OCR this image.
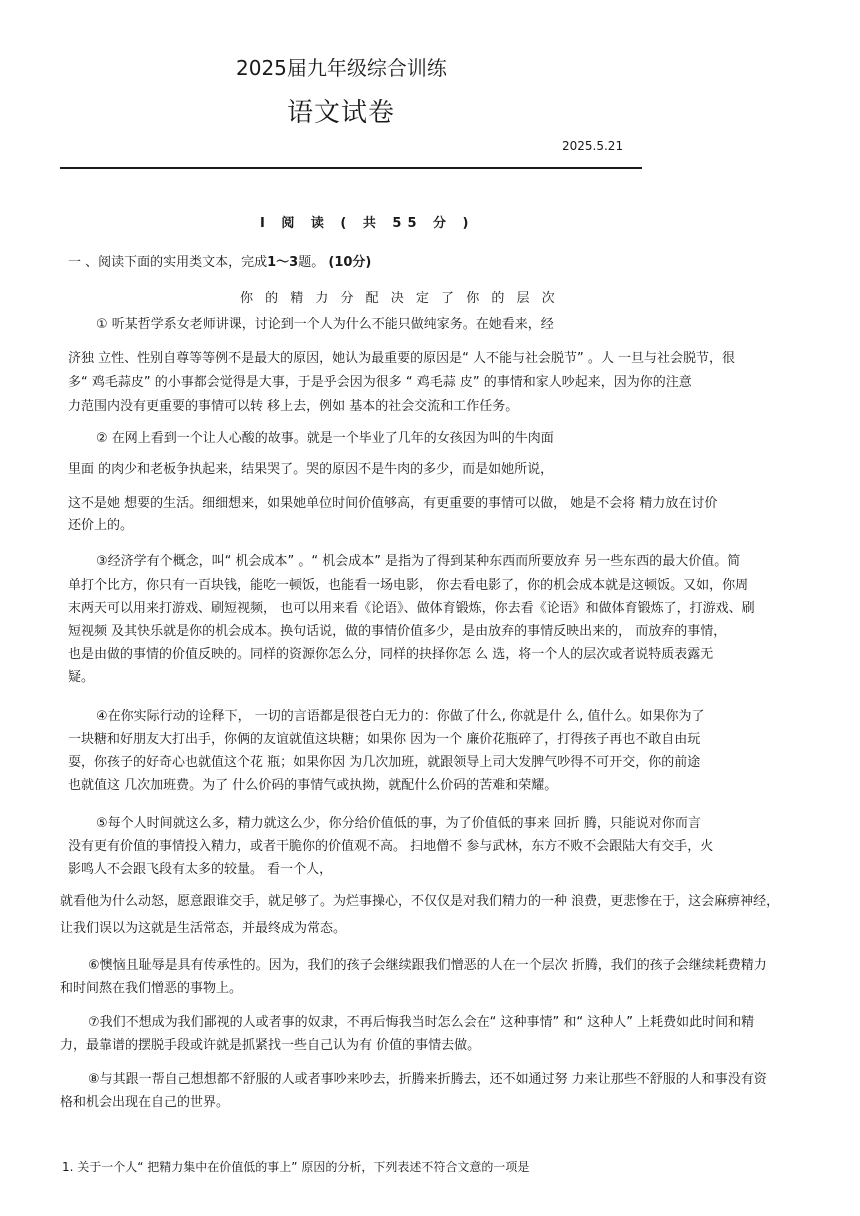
2025届九年级综合训练
语文试卷
2025.5.21
I 阅 读 ( 共 55 分 )
一 、阅读下面的实用类文本，完成1～3题。 (10分)
你 的 精 力 分 配 决 定 了 你 的 层 次
① 听某哲学系女老师讲课，讨论到一个人为什么不能只做纯家务。在她看来，经
济独 立性、性别自尊等等例不是最大的原因，她认为最重要的原因是“ 人不能与社会脱节” 。人 一旦与社会脱节，很
多“ 鸡毛蒜皮” 的小事都会觉得是大事，于是乎会因为很多 “ 鸡毛蒜 皮” 的事情和家人吵起来，因为你的注意
力范围内没有更重要的事情可以转 移上去，例如 基本的社会交流和工作任务。
② 在网上看到一个让人心酸的故事。就是一个毕业了几年的女孩因为叫的牛肉面
里面 的肉少和老板争执起来，结果哭了。哭的原因不是牛肉的多少，而是如她所说，
这不是她 想要的生活。细细想来，如果她单位时间价值够高，有更重要的事情可以做， 她是不会将 精力放在讨价
还价上的。
③经济学有个概念，叫“ 机会成本” 。“ 机会成本” 是指为了得到某种东西而所要放弃 另一些东西的最大价值。简
单打个比方，你只有一百块钱，能吃一顿饭，也能看一场电影， 你去看电影了，你的机会成本就是这顿饭。又如，你周
末两天可以用来打游戏、刷短视频， 也可以用来看《论语》、做体育锻炼，你去看《论语》和做体育锻炼了，打游戏、刷
短视频 及其快乐就是你的机会成本。换句话说，做的事情价值多少，是由放弃的事情反映出来的， 而放弃的事情，
也是由做的事情的价值反映的。同样的资源你怎么分，同样的抉择你怎 么 选，将一个人的层次或者说特质表露无
疑。
④在你实际行动的诠释下， 一切的言语都是很苍白无力的：你做了什么, 你就是什 么, 值什么。如果你为了
一块糖和好朋友大打出手，你俩的友谊就值这块糖；如果你 因为一个 廉价花瓶碎了，打得孩子再也不敢自由玩
耍，你孩子的好奇心也就值这个花 瓶；如果你因 为几次加班，就跟领导上司大发脾气吵得不可开交，你的前途
也就值这 几次加班费。为了 什么价码的事情气或执拗，就配什么价码的苦难和荣耀。
⑤每个人时间就这么多，精力就这么少，你分给价值低的事，为了价值低的事来 回折 腾，只能说对你而言
没有更有价值的事情投入精力，或者干脆你的价值观不高。 扫地僧不 参与武林，东方不败不会跟陆大有交手，火
影鸣人不会跟飞段有太多的较量。 看一个人，
就看他为什么动怒，愿意跟谁交手，就足够了。为烂事操心，不仅仅是对我们精力的一种 浪费，更悲惨在于，这会麻痹神经，
让我们误以为这就是生活常态，并最终成为常态。
⑥懊恼且耻辱是具有传承性的。因为，我们的孩子会继续跟我们憎恶的人在一个层次 折腾，我们的孩子会继续耗费精力
和时间熬在我们憎恶的事物上。
⑦我们不想成为我们鄙视的人或者事的奴隶，不再后悔我当时怎么会在“ 这种事情” 和“ 这种人” 上耗费如此时间和精
力，最靠谱的摆脱手段或许就是抓紧找一些自己认为有 价值的事情去做。
⑧与其跟一帮自己想想都不舒服的人或者事吵来吵去，折腾来折腾去，还不如通过努 力来让那些不舒服的人和事没有资
格和机会出现在自己的世界。
1. 关于一个人“ 把精力集中在价值低的事上” 原因的分析，下列表述不符合文意的一项是
